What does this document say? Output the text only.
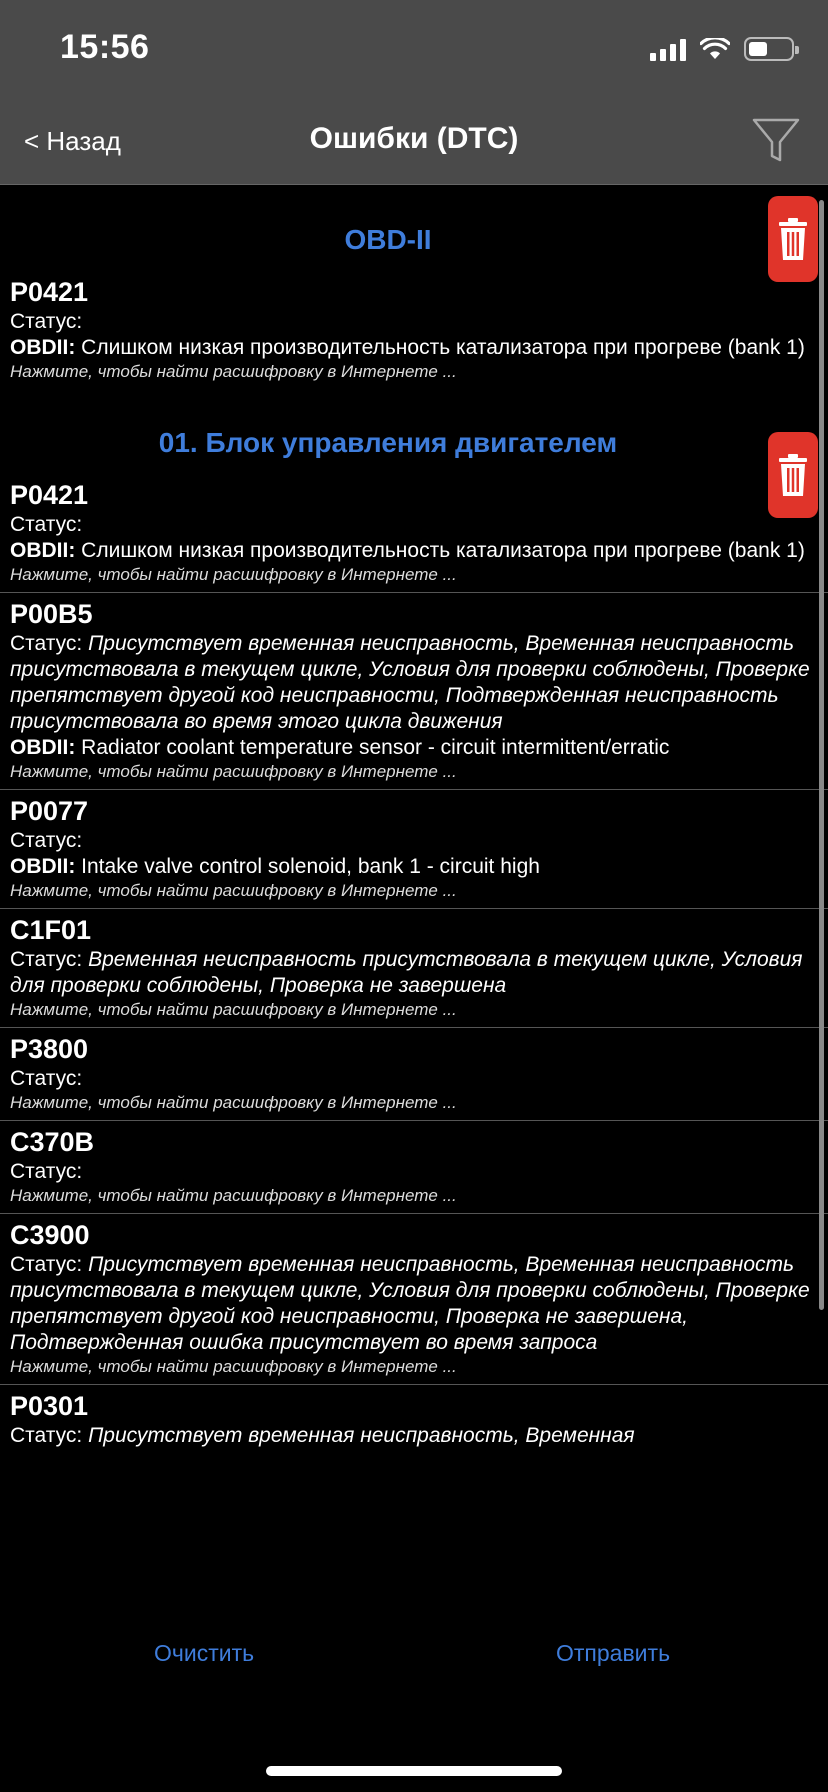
15:56
< Назад	Ошибки (DTC)
OBD-II
P0421
Статус:
OBDII: Слишком низкая производительность катализатора при прогреве (bank 1)
Нажмите, чтобы найти расшифровку в Интернете ...
01. Блок управления двигателем
P0421
Статус:
OBDII: Слишком низкая производительность катализатора при прогреве (bank 1)
Нажмите, чтобы найти расшифровку в Интернете ...
P00B5
Статус: Присутствует временная неисправность, Временная неисправность присутствовала в текущем цикле, Условия для проверки соблюдены, Проверке препятствует другой код неисправности, Подтвержденная неисправность присутствовала во время этого цикла движения
OBDII: Radiator coolant temperature sensor - circuit intermittent/erratic
Нажмите, чтобы найти расшифровку в Интернете ...
P0077
Статус:
OBDII: Intake valve control solenoid, bank 1 - circuit high
Нажмите, чтобы найти расшифровку в Интернете ...
C1F01
Статус: Временная неисправность присутствовала в текущем цикле, Условия для проверки соблюдены, Проверка не завершена
Нажмите, чтобы найти расшифровку в Интернете ...
P3800
Статус:
Нажмите, чтобы найти расшифровку в Интернете ...
C370B
Статус:
Нажмите, чтобы найти расшифровку в Интернете ...
C3900
Статус: Присутствует временная неисправность, Временная неисправность присутствовала в текущем цикле, Условия для проверки соблюдены, Проверке препятствует другой код неисправности, Проверка не завершена, Подтвержденная ошибка присутствует во время запроса
Нажмите, чтобы найти расшифровку в Интернете ...
P0301
Статус: Присутствует временная неисправность, Временная
Очистить	Отправить
